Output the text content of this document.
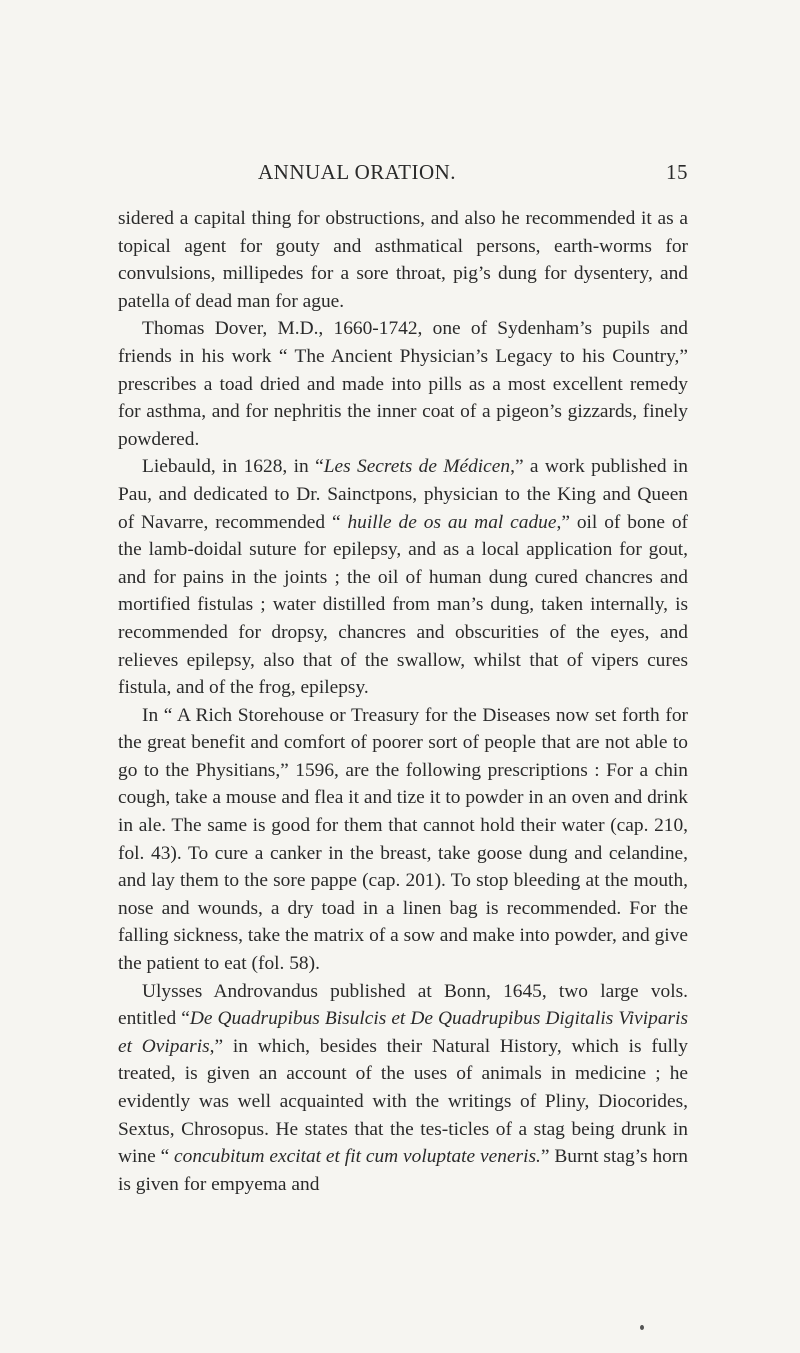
ANNUAL ORATION.	15

sidered a capital thing for obstructions, and also he recommended it as a topical agent for gouty and asthmatical persons, earth-worms for convulsions, millipedes for a sore throat, pig’s dung for dysentery, and patella of dead man for ague.

Thomas Dover, M.D., 1660-1742, one of Sydenham’s pupils and friends in his work “ The Ancient Physician’s Legacy to his Country,” prescribes a toad dried and made into pills as a most excellent remedy for asthma, and for nephritis the inner coat of a pigeon’s gizzards, finely powdered.

Liebauld, in 1628, in “Les Secrets de Médicen,” a work published in Pau, and dedicated to Dr. Sainctpons, physician to the King and Queen of Navarre, recommended “ huille de os au mal cadue,” oil of bone of the lamb-doidal suture for epilepsy, and as a local application for gout, and for pains in the joints ; the oil of human dung cured chancres and mortified fistulas ; water distilled from man’s dung, taken internally, is recommended for dropsy, chancres and obscurities of the eyes, and relieves epilepsy, also that of the swallow, whilst that of vipers cures fistula, and of the frog, epilepsy.

In “ A Rich Storehouse or Treasury for the Diseases now set forth for the great benefit and comfort of poorer sort of people that are not able to go to the Physitians,” 1596, are the following prescriptions : For a chin cough, take a mouse and flea it and tize it to powder in an oven and drink in ale. The same is good for them that cannot hold their water (cap. 210, fol. 43). To cure a canker in the breast, take goose dung and celandine, and lay them to the sore pappe (cap. 201). To stop bleeding at the mouth, nose and wounds, a dry toad in a linen bag is recommended. For the falling sickness, take the matrix of a sow and make into powder, and give the patient to eat (fol. 58).

Ulysses Androvandus published at Bonn, 1645, two large vols. entitled “De Quadrupibus Bisulcis et De Quadrupibus Digitalis Viviparis et Oviparis,” in which, besides their Natural History, which is fully treated, is given an account of the uses of animals in medicine ; he evidently was well acquainted with the writings of Pliny, Diocorides, Sextus, Chrosopus. He states that the tes-ticles of a stag being drunk in wine “ concubitum excitat et fit cum voluptate veneris.” Burnt stag’s horn is given for empyema and
